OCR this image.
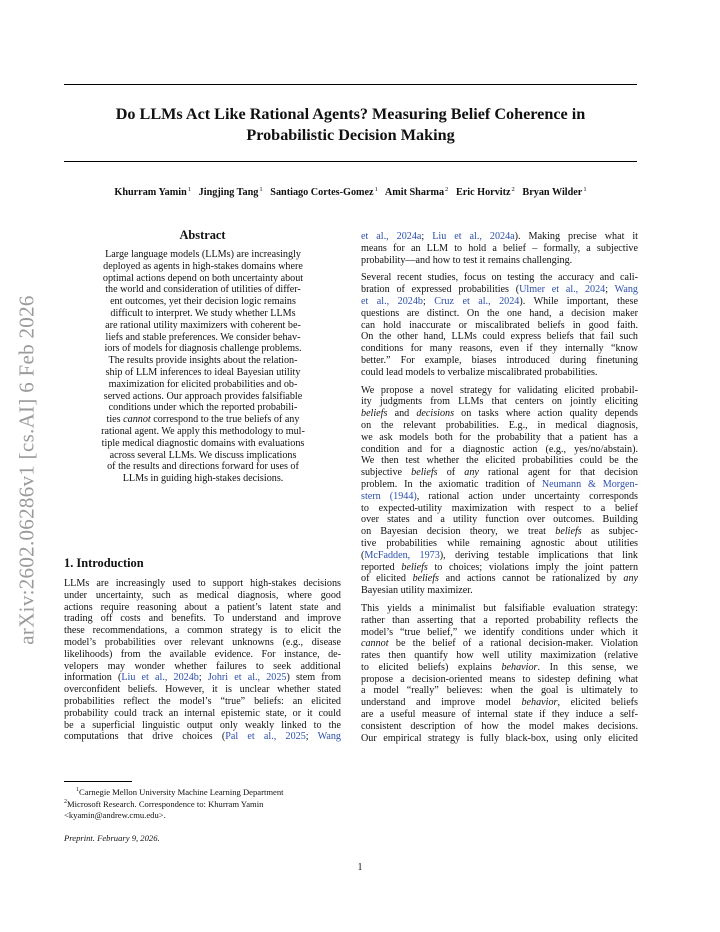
arXiv:2602.06286v1 [cs.AI] 6 Feb 2026
Do LLMs Act Like Rational Agents? Measuring Belief Coherence in
Probabilistic Decision Making
Khurram Yamin$^1$ Jingjing Tang$^1$ Santiago Cortes-Gomez$^1$ Amit Sharma$^2$ Eric Horvitz$^2$ Bryan Wilder$^1$
Abstract
Large language models (LLMs) are increasingly
deployed as agents in high-stakes domains where
optimal actions depend on both uncertainty about
the world and consideration of utilities of differ-
ent outcomes, yet their decision logic remains
difficult to interpret. We study whether LLMs
are rational utility maximizers with coherent be-
liefs and stable preferences. We consider behav-
iors of models for diagnosis challenge problems.
The results provide insights about the relation-
ship of LLM inferences to ideal Bayesian utility
maximization for elicited probabilities and ob-
served actions. Our approach provides falsifiable
conditions under which the reported probabili-
ties cannot correspond to the true beliefs of any
rational agent. We apply this methodology to mul-
tiple medical diagnostic domains with evaluations
across several LLMs. We discuss implications
of the results and directions forward for uses of
LLMs in guiding high-stakes decisions.
1. Introduction
LLMs are increasingly used to support high-stakes decisions
under uncertainty, such as medical diagnosis, where good
actions require reasoning about a patient’s latent state and
trading off costs and benefits. To understand and improve
these recommendations, a common strategy is to elicit the
model’s probabilities over relevant unknowns (e.g., disease
likelihoods) from the available evidence. For instance, de-
velopers may wonder whether failures to seek additional
information (Liu et al., 2024b; Johri et al., 2025) stem from
overconfident beliefs. However, it is unclear whether stated
probabilities reflect the model’s “true” beliefs: an elicited
probability could track an internal epistemic state, or it could
be a superficial linguistic output only weakly linked to the
computations that drive choices (Pal et al., 2025; Wang
$^1$Carnegie Mellon University Machine Learning Department
$^2$Microsoft Research. Correspondence to: Khurram Yamin
<kyamin@andrew.cmu.edu>.
Preprint. February 9, 2026.
et al., 2024a; Liu et al., 2024a). Making precise what it
means for an LLM to hold a belief – formally, a subjective
probability—and how to test it remains challenging.
Several recent studies, focus on testing the accuracy and cali-
bration of expressed probabilities (Ulmer et al., 2024; Wang
et al., 2024b; Cruz et al., 2024). While important, these
questions are distinct. On the one hand, a decision maker
can hold inaccurate or miscalibrated beliefs in good faith.
On the other hand, LLMs could express beliefs that fail such
conditions for many reasons, even if they internally “know
better.” For example, biases introduced during finetuning
could lead models to verbalize miscalibrated probabilities.
We propose a novel strategy for validating elicited probabil-
ity judgments from LLMs that centers on jointly eliciting
beliefs and decisions on tasks where action quality depends
on the relevant probabilities. E.g., in medical diagnosis,
we ask models both for the probability that a patient has a
condition and for a diagnostic action (e.g., yes/no/abstain).
We then test whether the elicited probabilities could be the
subjective beliefs of any rational agent for that decision
problem. In the axiomatic tradition of Neumann & Morgen-
stern (1944), rational action under uncertainty corresponds
to expected-utility maximization with respect to a belief
over states and a utility function over outcomes. Building
on Bayesian decision theory, we treat beliefs as subjec-
tive probabilities while remaining agnostic about utilities
(McFadden, 1973), deriving testable implications that link
reported beliefs to choices; violations imply the joint pattern
of elicited beliefs and actions cannot be rationalized by any
Bayesian utility maximizer.
This yields a minimalist but falsifiable evaluation strategy:
rather than asserting that a reported probability reflects the
model’s “true belief,” we identify conditions under which it
cannot be the belief of a rational decision-maker. Violation
rates then quantify how well utility maximization (relative
to elicited beliefs) explains behavior. In this sense, we
propose a decision-oriented means to sidestep defining what
a model “really” believes: when the goal is ultimately to
understand and improve model behavior, elicited beliefs
are a useful measure of internal state if they induce a self-
consistent description of how the model makes decisions.
Our empirical strategy is fully black-box, using only elicited
1
